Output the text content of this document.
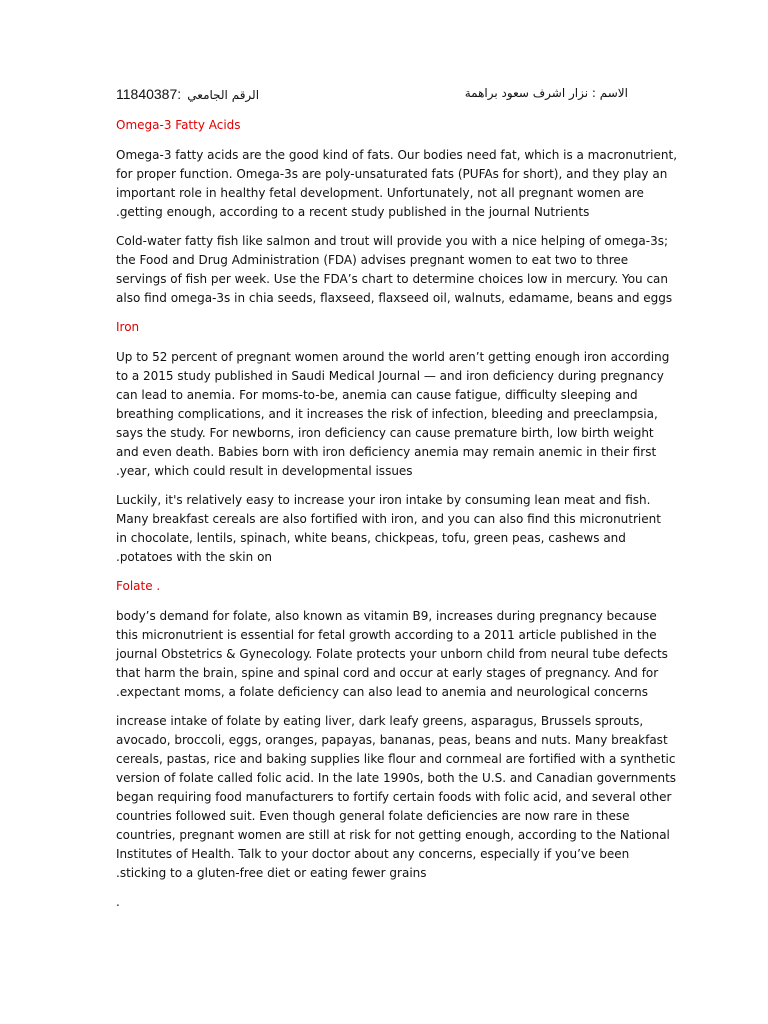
11840387: الرقم الجامعي	الاسم : نزار اشرف سعود براهمة
Omega-3 Fatty Acids
Omega-3 fatty acids are the good kind of fats. Our bodies need fat, which is a macronutrient,
for proper function. Omega-3s are poly-unsaturated fats (PUFAs for short), and they play an
important role in healthy fetal development. Unfortunately, not all pregnant women are
.getting enough, according to a recent study published in the journal Nutrients
Cold-water fatty fish like salmon and trout will provide you with a nice helping of omega-3s;
the Food and Drug Administration (FDA) advises pregnant women to eat two to three
servings of fish per week. Use the FDA’s chart to determine choices low in mercury. You can
also find omega-3s in chia seeds, flaxseed, flaxseed oil, walnuts, edamame, beans and eggs
Iron
Up to 52 percent of pregnant women around the world aren’t getting enough iron according
to a 2015 study published in Saudi Medical Journal — and iron deficiency during pregnancy
can lead to anemia. For moms-to-be, anemia can cause fatigue, difficulty sleeping and
breathing complications, and it increases the risk of infection, bleeding and preeclampsia,
says the study. For newborns, iron deficiency can cause premature birth, low birth weight
and even death. Babies born with iron deficiency anemia may remain anemic in their first
.year, which could result in developmental issues
Luckily, it's relatively easy to increase your iron intake by consuming lean meat and fish.
Many breakfast cereals are also fortified with iron, and you can also find this micronutrient
in chocolate, lentils, spinach, white beans, chickpeas, tofu, green peas, cashews and
.potatoes with the skin on
Folate .
body’s demand for folate, also known as vitamin B9, increases during pregnancy because
this micronutrient is essential for fetal growth according to a 2011 article published in the
journal Obstetrics & Gynecology. Folate protects your unborn child from neural tube defects
that harm the brain, spine and spinal cord and occur at early stages of pregnancy. And for
.expectant moms, a folate deficiency can also lead to anemia and neurological concerns
increase intake of folate by eating liver, dark leafy greens, asparagus, Brussels sprouts,
avocado, broccoli, eggs, oranges, papayas, bananas, peas, beans and nuts. Many breakfast
cereals, pastas, rice and baking supplies like flour and cornmeal are fortified with a synthetic
version of folate called folic acid. In the late 1990s, both the U.S. and Canadian governments
began requiring food manufacturers to fortify certain foods with folic acid, and several other
countries followed suit. Even though general folate deficiencies are now rare in these
countries, pregnant women are still at risk for not getting enough, according to the National
Institutes of Health. Talk to your doctor about any concerns, especially if you’ve been
.sticking to a gluten-free diet or eating fewer grains
.
